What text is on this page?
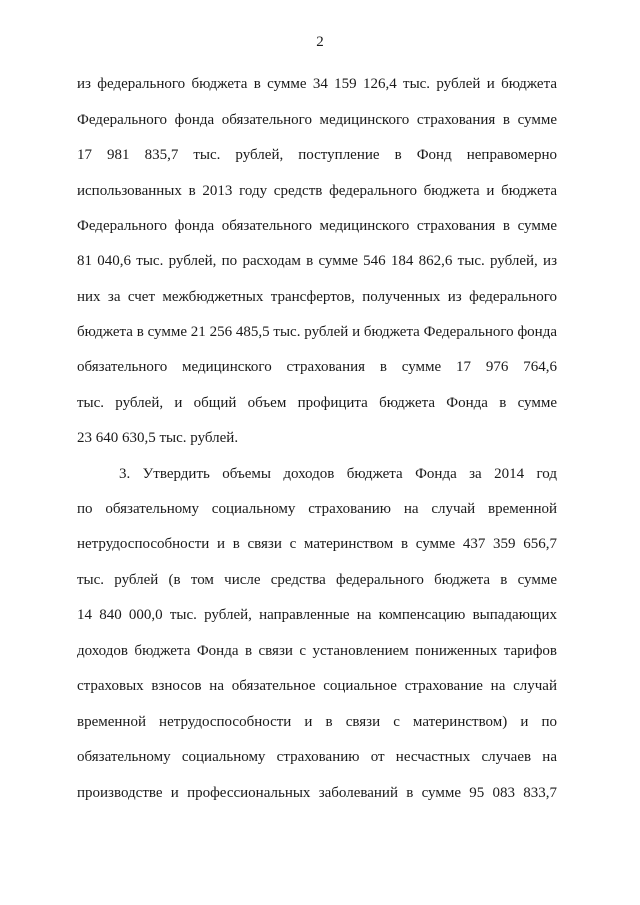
2
из федерального бюджета в сумме 34 159 126,4 тыс. рублей и бюджета
Федерального фонда обязательного медицинского страхования в сумме
17 981 835,7 тыс. рублей, поступление в Фонд неправомерно
использованных в 2013 году средств федерального бюджета и бюджета
Федерального фонда обязательного медицинского страхования в сумме
81 040,6 тыс. рублей, по расходам в сумме 546 184 862,6 тыс. рублей, из
них за счет межбюджетных трансфертов, полученных из федерального
бюджета в сумме 21 256 485,5 тыс. рублей и бюджета Федерального фонда
обязательного медицинского страхования в сумме 17 976 764,6
тыс. рублей, и общий объем профицита бюджета Фонда в сумме
23 640 630,5 тыс. рублей.
3. Утвердить объемы доходов бюджета Фонда за 2014 год
по обязательному социальному страхованию на случай временной
нетрудоспособности и в связи с материнством в сумме 437 359 656,7
тыс. рублей (в том числе средства федерального бюджета в сумме
14 840 000,0 тыс. рублей, направленные на компенсацию выпадающих
доходов бюджета Фонда в связи с установлением пониженных тарифов
страховых взносов на обязательное социальное страхование на случай
временной нетрудоспособности и в связи с материнством) и по
обязательному социальному страхованию от несчастных случаев на
производстве и профессиональных заболеваний в сумме 95 083 833,7
